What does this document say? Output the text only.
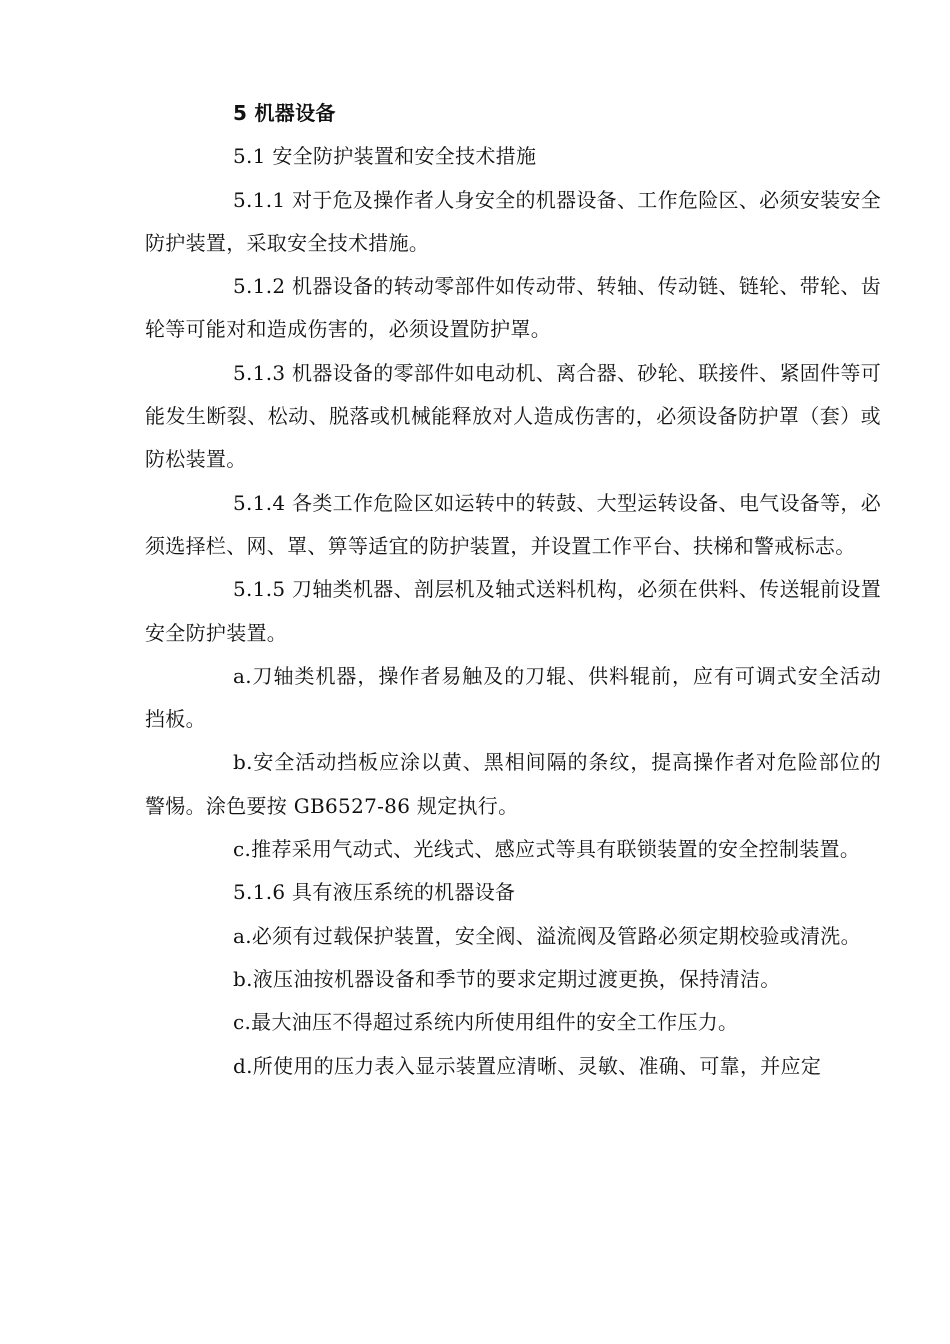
5 机器设备

5.1 安全防护装置和安全技术措施

5.1.1 对于危及操作者人身安全的机器设备、工作危险区、必须安装安全防护装置，采取安全技术措施。

5.1.2 机器设备的转动零部件如传动带、转轴、传动链、链轮、带轮、齿轮等可能对和造成伤害的，必须设置防护罩。

5.1.3 机器设备的零部件如电动机、离合器、砂轮、联接件、紧固件等可能发生断裂、松动、脱落或机械能释放对人造成伤害的，必须设备防护罩（套）或防松装置。

5.1.4 各类工作危险区如运转中的转鼓、大型运转设备、电气设备等，必须选择栏、网、罩、箅等适宜的防护装置，并设置工作平台、扶梯和警戒标志。

5.1.5 刀轴类机器、剖层机及轴式送料机构，必须在供料、传送辊前设置安全防护装置。

a.刀轴类机器，操作者易触及的刀辊、供料辊前，应有可调式安全活动挡板。

b.安全活动挡板应涂以黄、黑相间隔的条纹，提高操作者对危险部位的警惕。涂色要按 GB6527-86 规定执行。

c.推荐采用气动式、光线式、感应式等具有联锁装置的安全控制装置。

5.1.6 具有液压系统的机器设备

a.必须有过载保护装置，安全阀、溢流阀及管路必须定期校验或清洗。

b.液压油按机器设备和季节的要求定期过渡更换，保持清洁。

c.最大油压不得超过系统内所使用组件的安全工作压力。

d.所使用的压力表入显示装置应清晰、灵敏、准确、可靠，并应定
